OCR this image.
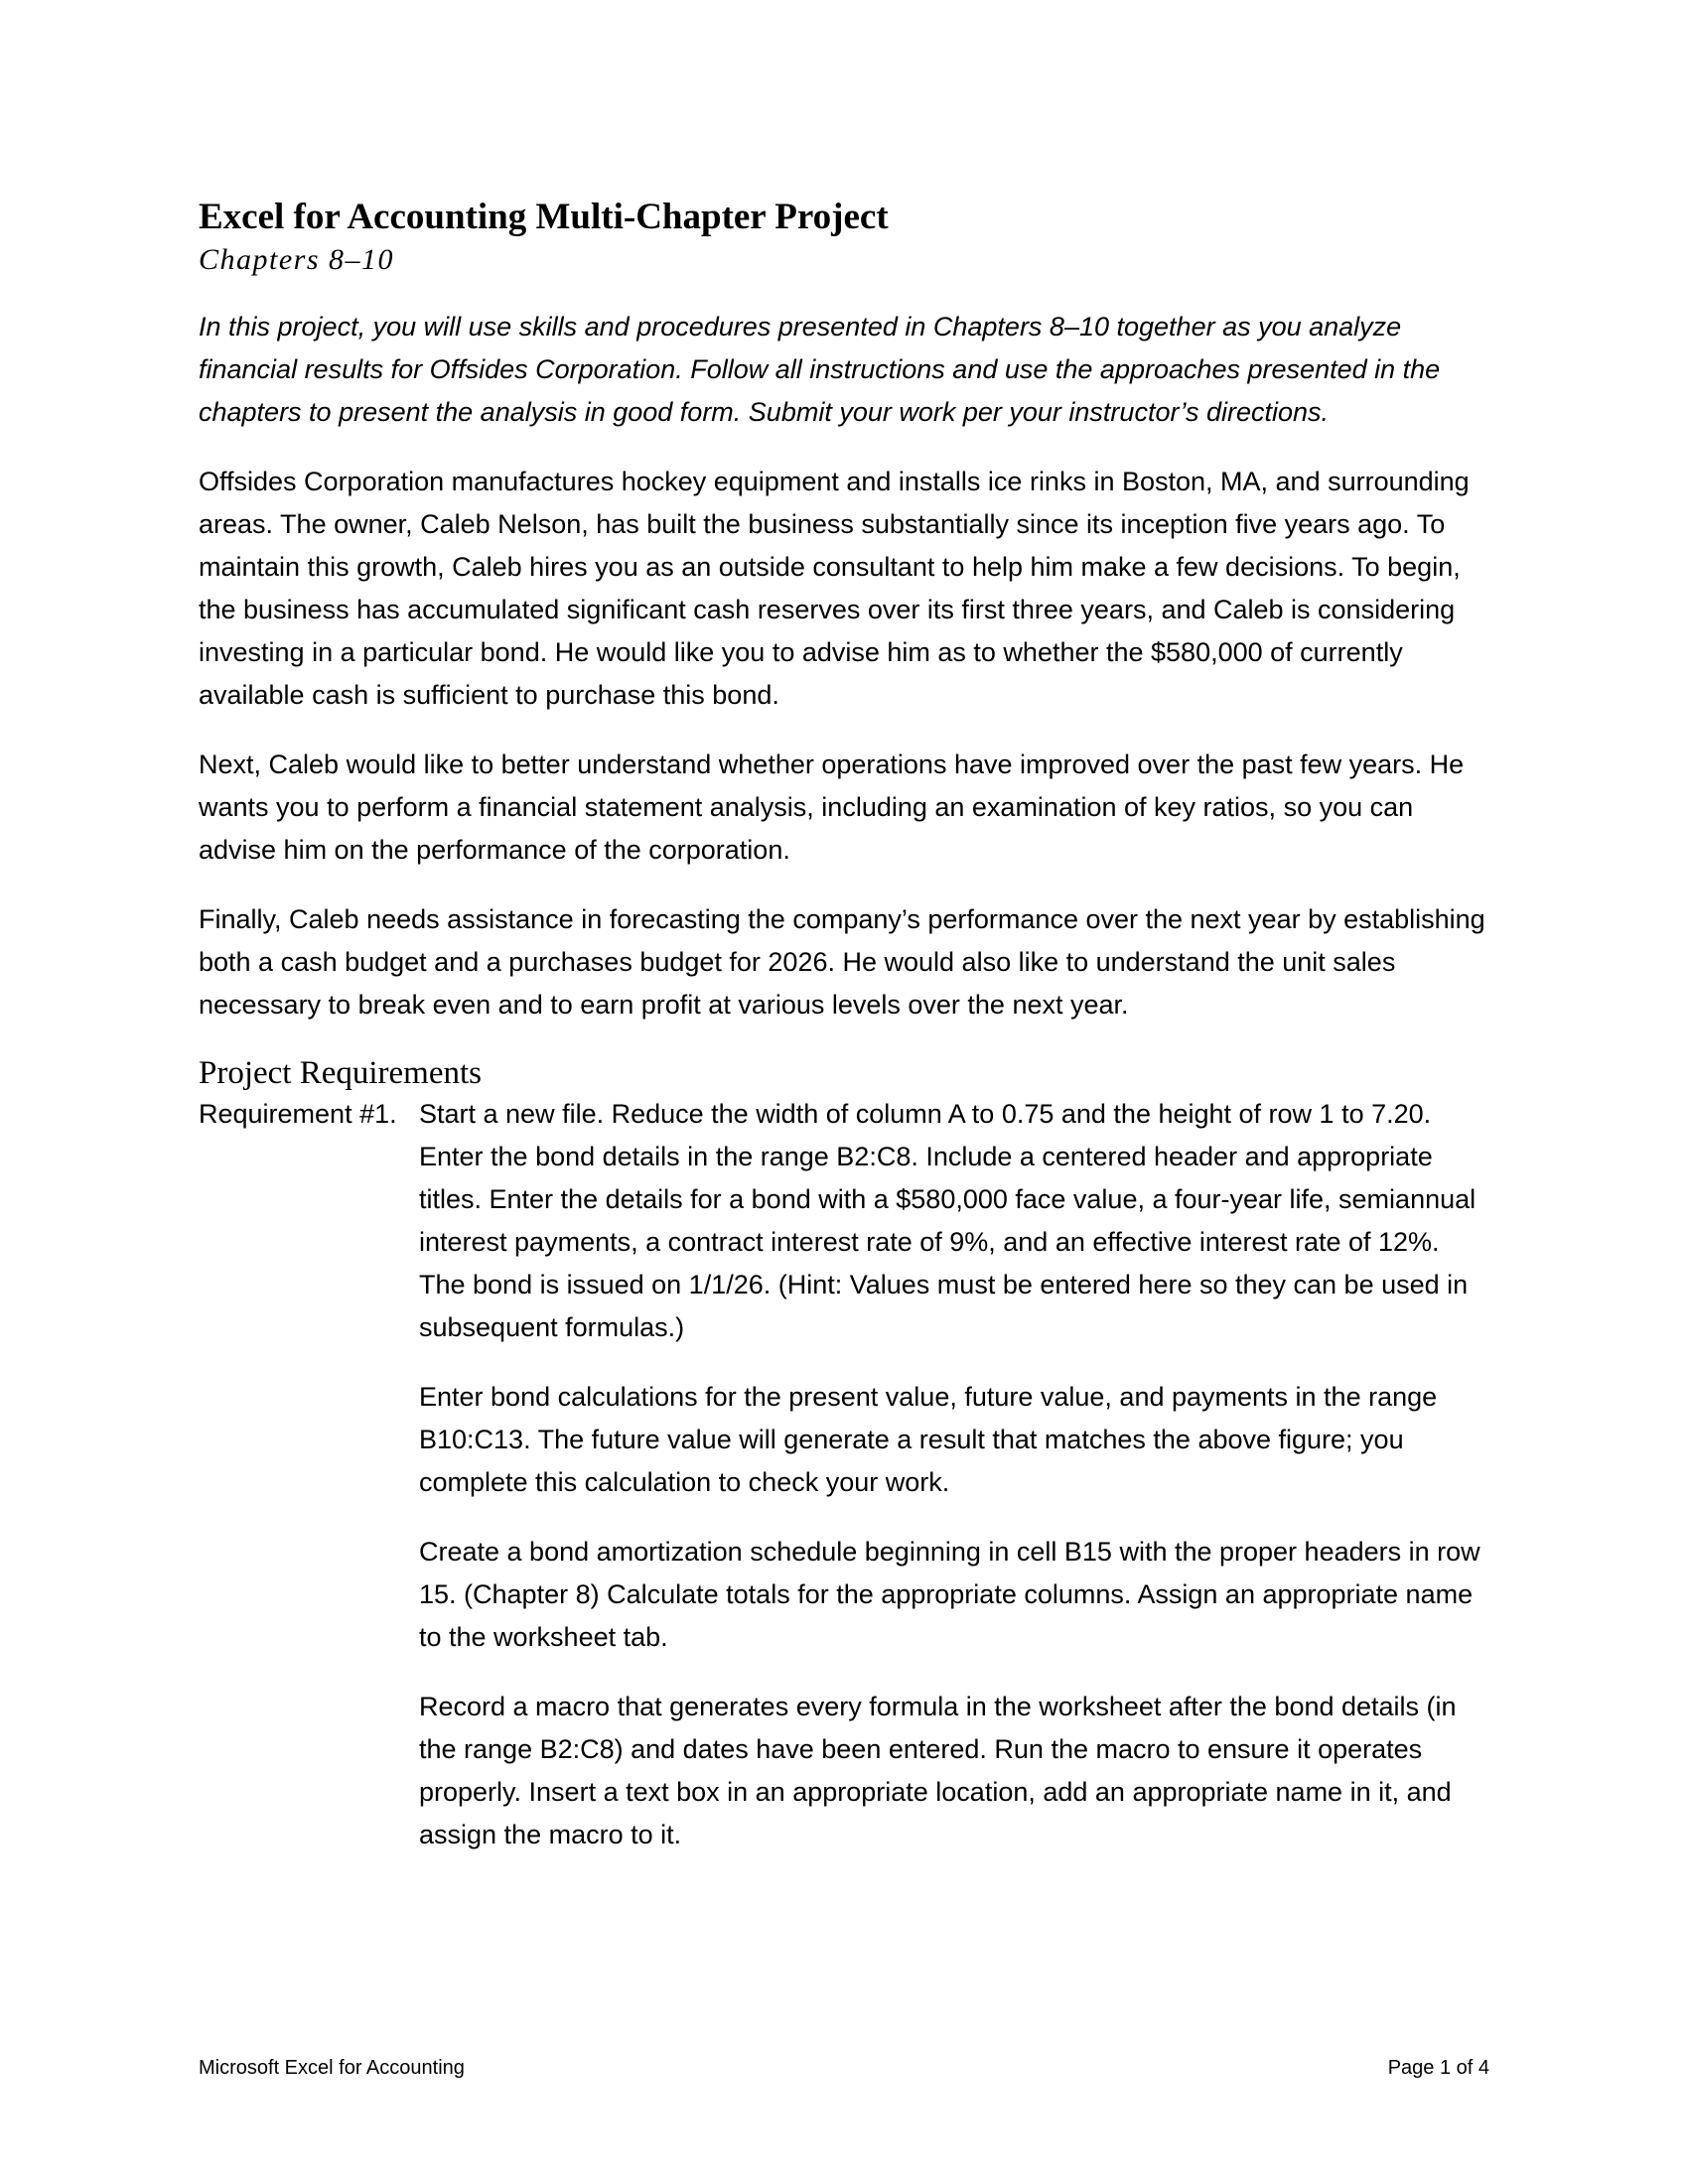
Excel for Accounting Multi-Chapter Project
Chapters 8–10

In this project, you will use skills and procedures presented in Chapters 8–10 together as you analyze financial results for Offsides Corporation. Follow all instructions and use the approaches presented in the chapters to present the analysis in good form. Submit your work per your instructor’s directions.

Offsides Corporation manufactures hockey equipment and installs ice rinks in Boston, MA, and surrounding areas. The owner, Caleb Nelson, has built the business substantially since its inception five years ago. To maintain this growth, Caleb hires you as an outside consultant to help him make a few decisions. To begin, the business has accumulated significant cash reserves over its first three years, and Caleb is considering investing in a particular bond. He would like you to advise him as to whether the $580,000 of currently available cash is sufficient to purchase this bond.

Next, Caleb would like to better understand whether operations have improved over the past few years. He wants you to perform a financial statement analysis, including an examination of key ratios, so you can advise him on the performance of the corporation.

Finally, Caleb needs assistance in forecasting the company’s performance over the next year by establishing both a cash budget and a purchases budget for 2026. He would also like to understand the unit sales necessary to break even and to earn profit at various levels over the next year.

Project Requirements
Requirement #1. Start a new file. Reduce the width of column A to 0.75 and the height of row 1 to 7.20. Enter the bond details in the range B2:C8. Include a centered header and appropriate titles. Enter the details for a bond with a $580,000 face value, a four-year life, semiannual interest payments, a contract interest rate of 9%, and an effective interest rate of 12%. The bond is issued on 1/1/26. (Hint: Values must be entered here so they can be used in subsequent formulas.)

Enter bond calculations for the present value, future value, and payments in the range B10:C13. The future value will generate a result that matches the above figure; you complete this calculation to check your work.

Create a bond amortization schedule beginning in cell B15 with the proper headers in row 15. (Chapter 8) Calculate totals for the appropriate columns. Assign an appropriate name to the worksheet tab.

Record a macro that generates every formula in the worksheet after the bond details (in the range B2:C8) and dates have been entered. Run the macro to ensure it operates properly. Insert a text box in an appropriate location, add an appropriate name in it, and assign the macro to it.

Microsoft Excel for Accounting	Page 1 of 4
